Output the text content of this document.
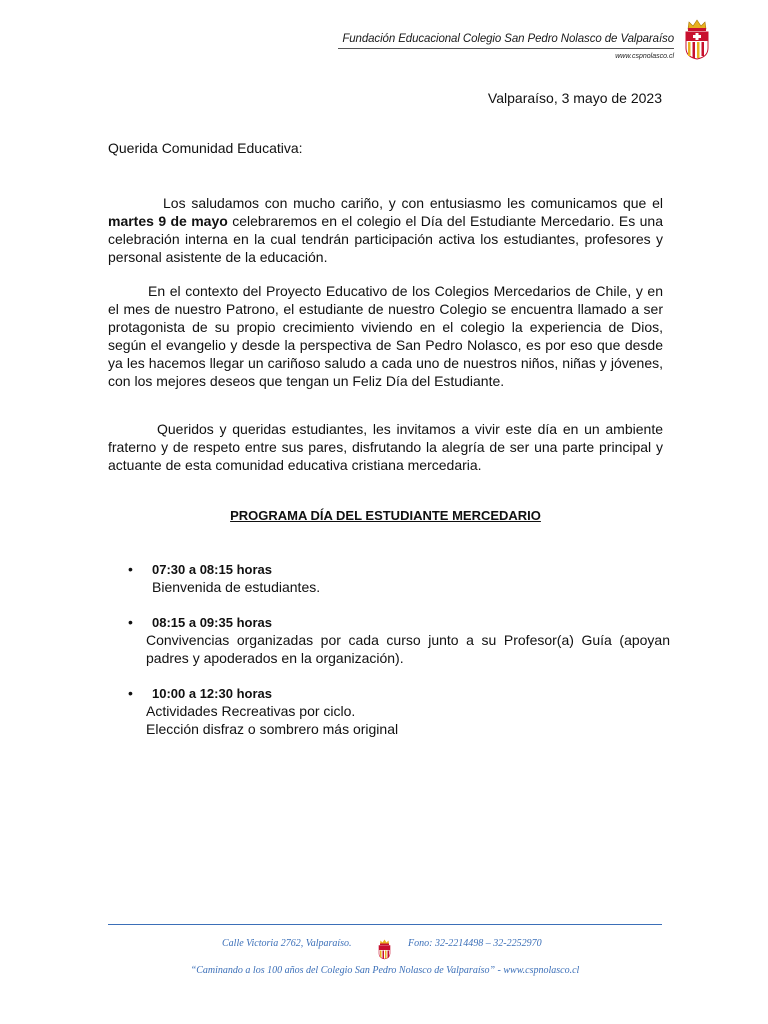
Fundación Educacional Colegio San Pedro Nolasco de Valparaíso
www.cspnolasco.cl
Valparaíso, 3 mayo de 2023
Querida Comunidad Educativa:
Los saludamos con mucho cariño, y con entusiasmo les comunicamos que el martes 9 de mayo celebraremos en el colegio el Día del Estudiante Mercedario. Es una celebración interna en la cual tendrán participación activa los estudiantes, profesores y personal asistente de la educación.
En el contexto del Proyecto Educativo de los Colegios Mercedarios de Chile, y en el mes de nuestro Patrono, el estudiante de nuestro Colegio se encuentra llamado a ser protagonista de su propio crecimiento viviendo en el colegio la experiencia de Dios, según el evangelio y desde la perspectiva de San Pedro Nolasco, es por eso que desde ya les hacemos llegar un cariñoso saludo a cada uno de nuestros niños, niñas y jóvenes, con los mejores deseos que tengan un Feliz Día del Estudiante.
Queridos y queridas estudiantes, les invitamos a vivir este día en un ambiente fraterno y de respeto entre sus pares, disfrutando la alegría de ser una parte principal y actuante de esta comunidad educativa cristiana mercedaria.
PROGRAMA DÍA DEL ESTUDIANTE MERCEDARIO
• 07:30 a 08:15 horas
Bienvenida de estudiantes.
• 08:15 a 09:35 horas
Convivencias organizadas por cada curso junto a su Profesor(a) Guía (apoyan padres y apoderados en la organización).
• 10:00 a 12:30 horas
Actividades Recreativas por ciclo.
Elección disfraz o sombrero más original
Calle Victoria 2762, Valparaíso.	Fono: 32-2214498 – 32-2252970
“Caminando a los 100 años del Colegio San Pedro Nolasco de Valparaíso” - www.cspnolasco.cl
